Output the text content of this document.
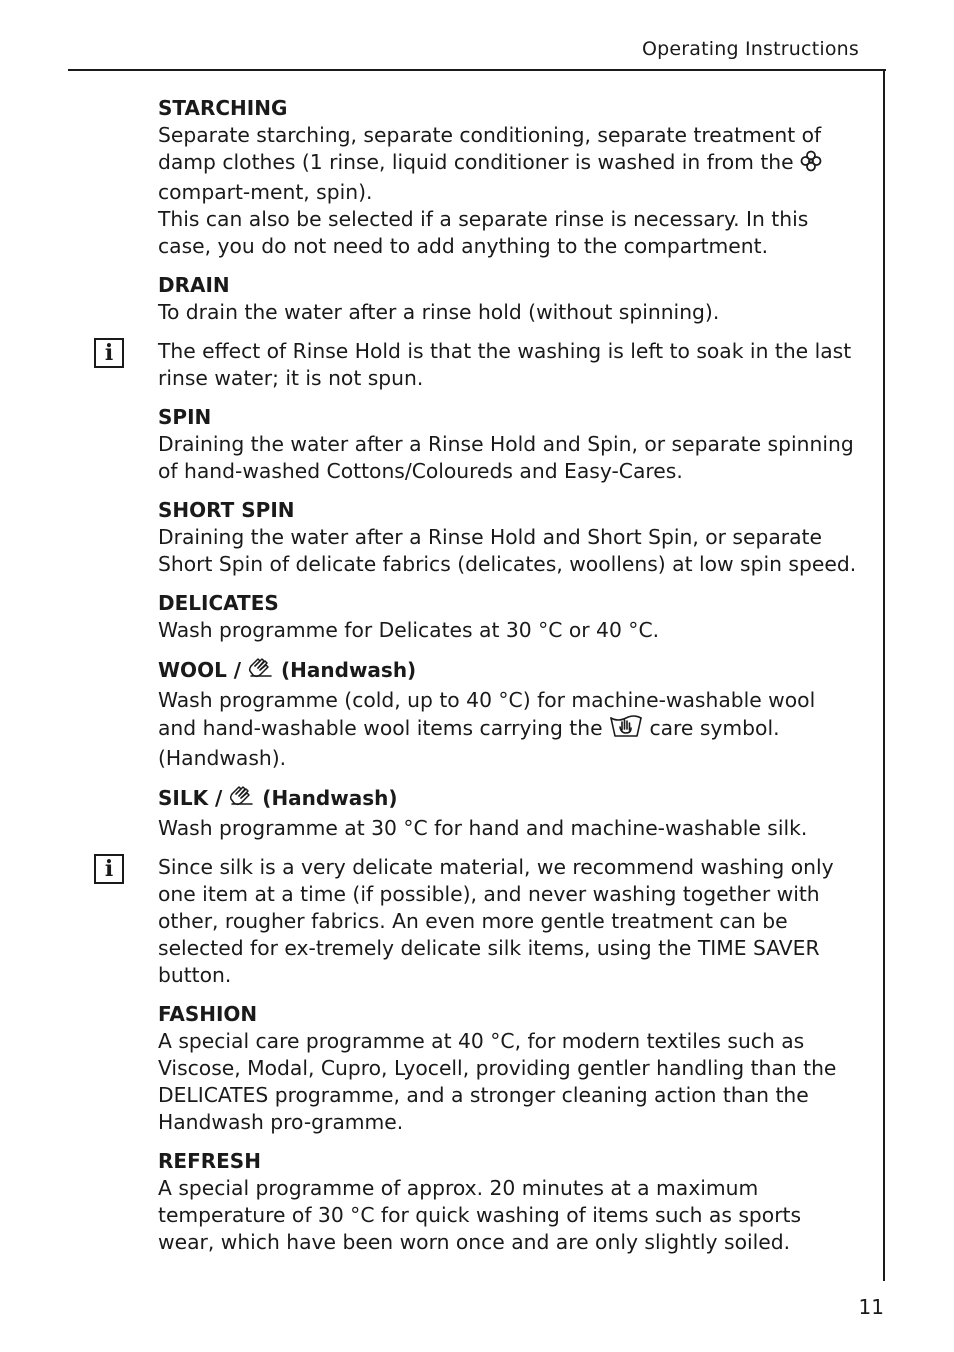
Operating Instructions
STARCHING

Separate starching, separate conditioning, separate treatment of damp clothes (1 rinse, liquid conditioner is washed in from the  compart-ment, spin).
This can also be selected if a separate rinse is necessary. In this case, you do not need to add anything to the compartment.

DRAIN

To drain the water after a rinse hold (without spinning).

i	The effect of Rinse Hold is that the washing is left to soak in the last rinse water; it is not spun.

SPIN

Draining the water after a Rinse Hold and Spin, or separate spinning of hand-washed Cottons/Coloureds and Easy-Cares.

SHORT SPIN

Draining the water after a Rinse Hold and Short Spin, or separate Short Spin of delicate fabrics (delicates, woollens) at low spin speed.

DELICATES

Wash programme for Delicates at 30 °C or 40 °C.

WOOL / (Handwash)

Wash programme (cold, up to 40 °C) for machine-washable wool and hand-washable wool items carrying the care symbol. (Handwash).

SILK / (Handwash)

Wash programme at 30 °C for hand and machine-washable silk.

i	Since silk is a very delicate material, we recommend washing only one item at a time (if possible), and never washing together with other, rougher fabrics. An even more gentle treatment can be selected for ex-tremely delicate silk items, using the TIME SAVER button.

FASHION

A special care programme at 40 °C, for modern textiles such as Viscose, Modal, Cupro, Lyocell, providing gentler handling than the DELICATES programme, and a stronger cleaning action than the Handwash pro-gramme.

REFRESH

A special programme of approx. 20 minutes at a maximum temperature of 30 °C for quick washing of items such as sports wear, which have been worn once and are only slightly soiled.

11
